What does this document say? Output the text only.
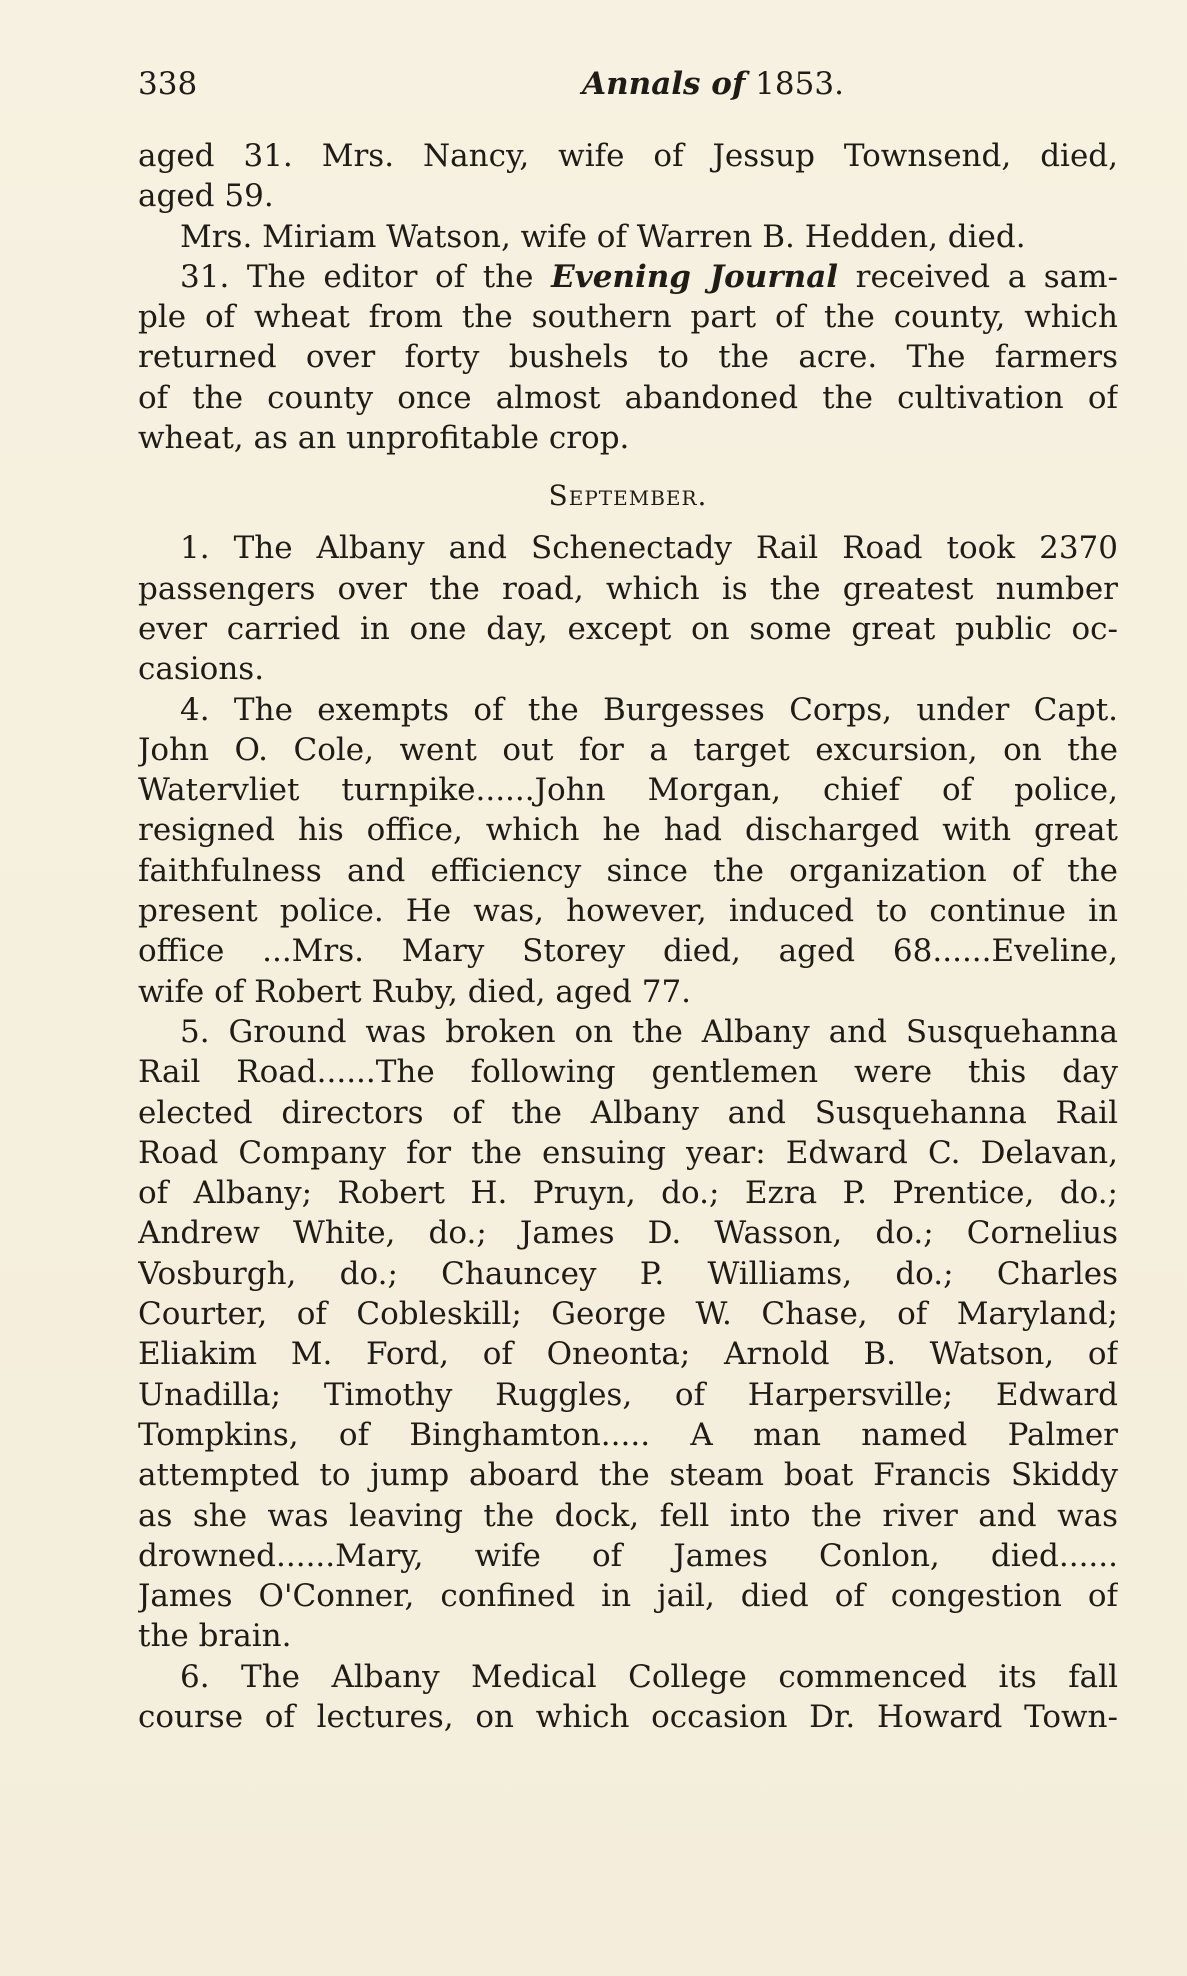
338	Annals of 1853.
aged 31. Mrs. Nancy, wife of Jessup Townsend, died,
aged 59.
Mrs. Miriam Watson, wife of Warren B. Hedden, died.
31. The editor of the Evening Journal received a sam-
ple of wheat from the southern part of the county, which
returned over forty bushels to the acre. The farmers
of the county once almost abandoned the cultivation of
wheat, as an unprofitable crop.
September.
1. The Albany and Schenectady Rail Road took 2370
passengers over the road, which is the greatest number
ever carried in one day, except on some great public oc-
casions.
4. The exempts of the Burgesses Corps, under Capt.
John O. Cole, went out for a target excursion, on the
Watervliet turnpike......John Morgan, chief of police,
resigned his office, which he had discharged with great
faithfulness and efficiency since the organization of the
present police. He was, however, induced to continue in
office ...Mrs. Mary Storey died, aged 68......Eveline,
wife of Robert Ruby, died, aged 77.
5. Ground was broken on the Albany and Susquehanna
Rail Road......The following gentlemen were this day
elected directors of the Albany and Susquehanna Rail
Road Company for the ensuing year: Edward C. Delavan,
of Albany; Robert H. Pruyn, do.; Ezra P. Prentice, do.;
Andrew White, do.; James D. Wasson, do.; Cornelius
Vosburgh, do.; Chauncey P. Williams, do.; Charles
Courter, of Cobleskill; George W. Chase, of Maryland;
Eliakim M. Ford, of Oneonta; Arnold B. Watson, of
Unadilla; Timothy Ruggles, of Harpersville; Edward
Tompkins, of Binghamton..... A man named Palmer
attempted to jump aboard the steam boat Francis Skiddy
as she was leaving the dock, fell into the river and was
drowned......Mary, wife of James Conlon, died......
James O'Conner, confined in jail, died of congestion of
the brain.
6. The Albany Medical College commenced its fall
course of lectures, on which occasion Dr. Howard Town-
